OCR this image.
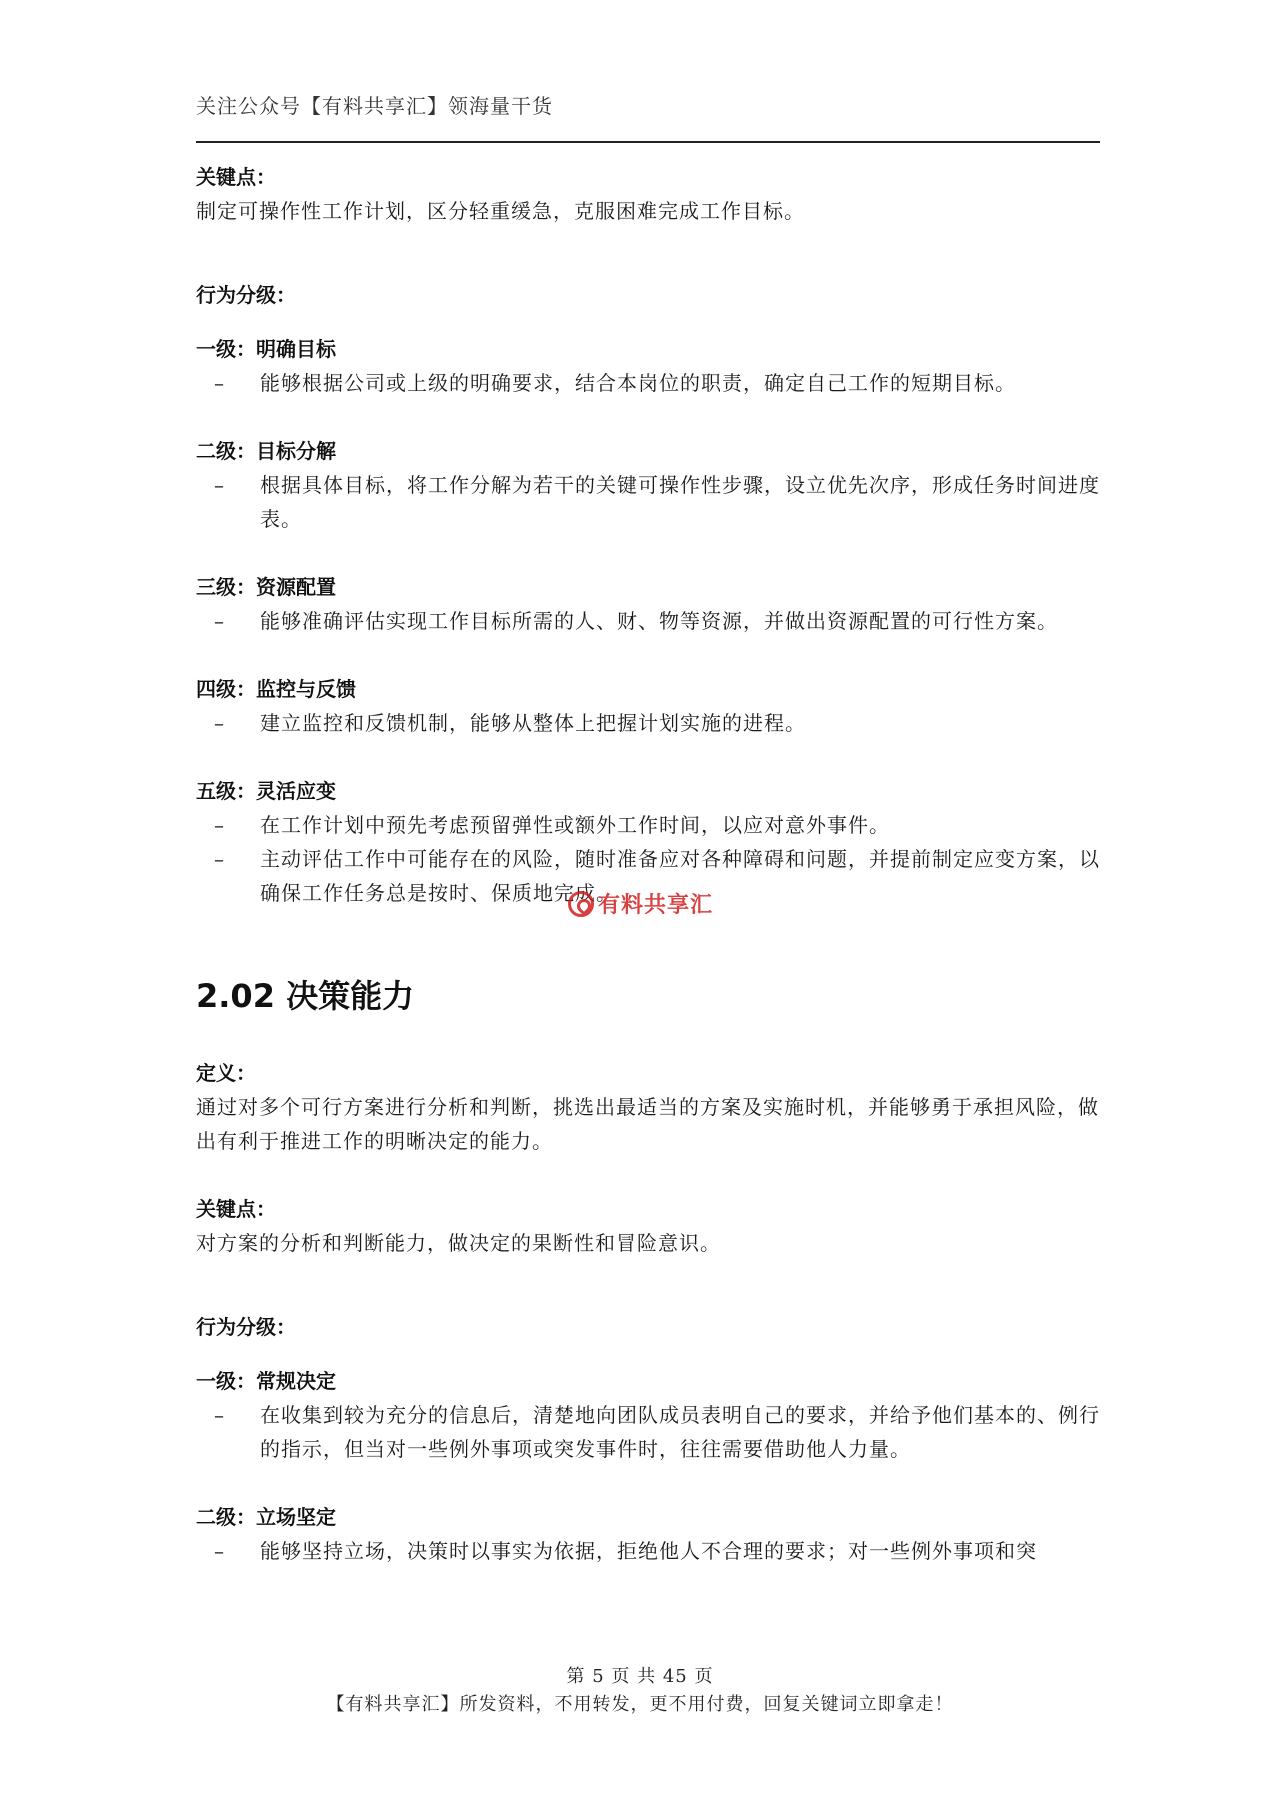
关注公众号【有料共享汇】领海量干货

关键点：

制定可操作性工作计划，区分轻重缓急，克服困难完成工作目标。

行为分级：

一级：明确目标

– 能够根据公司或上级的明确要求，结合本岗位的职责，确定自己工作的短期目标。

二级：目标分解

– 根据具体目标，将工作分解为若干的关键可操作性步骤，设立优先次序，形成任务时间进度表。

三级：资源配置

– 能够准确评估实现工作目标所需的人、财、物等资源，并做出资源配置的可行性方案。

四级：监控与反馈

– 建立监控和反馈机制，能够从整体上把握计划实施的进程。

五级：灵活应变

– 在工作计划中预先考虑预留弹性或额外工作时间，以应对意外事件。

– 主动评估工作中可能存在的风险，随时准备应对各种障碍和问题，并提前制定应变方案，以确保工作任务总是按时、保质地完成。

2.02 决策能力

定义：

通过对多个可行方案进行分析和判断，挑选出最适当的方案及实施时机，并能够勇于承担风险，做出有利于推进工作的明晰决定的能力。

关键点：

对方案的分析和判断能力，做决定的果断性和冒险意识。

行为分级：

一级：常规决定

– 在收集到较为充分的信息后，清楚地向团队成员表明自己的要求，并给予他们基本的、例行的指示，但当对一些例外事项或突发事件时，往往需要借助他人力量。

二级：立场坚定

– 能够坚持立场，决策时以事实为依据，拒绝他人不合理的要求；对一些例外事项和突

有料共享汇
第 5 页 共 45 页
【有料共享汇】所发资料，不用转发，更不用付费，回复关键词立即拿走！
